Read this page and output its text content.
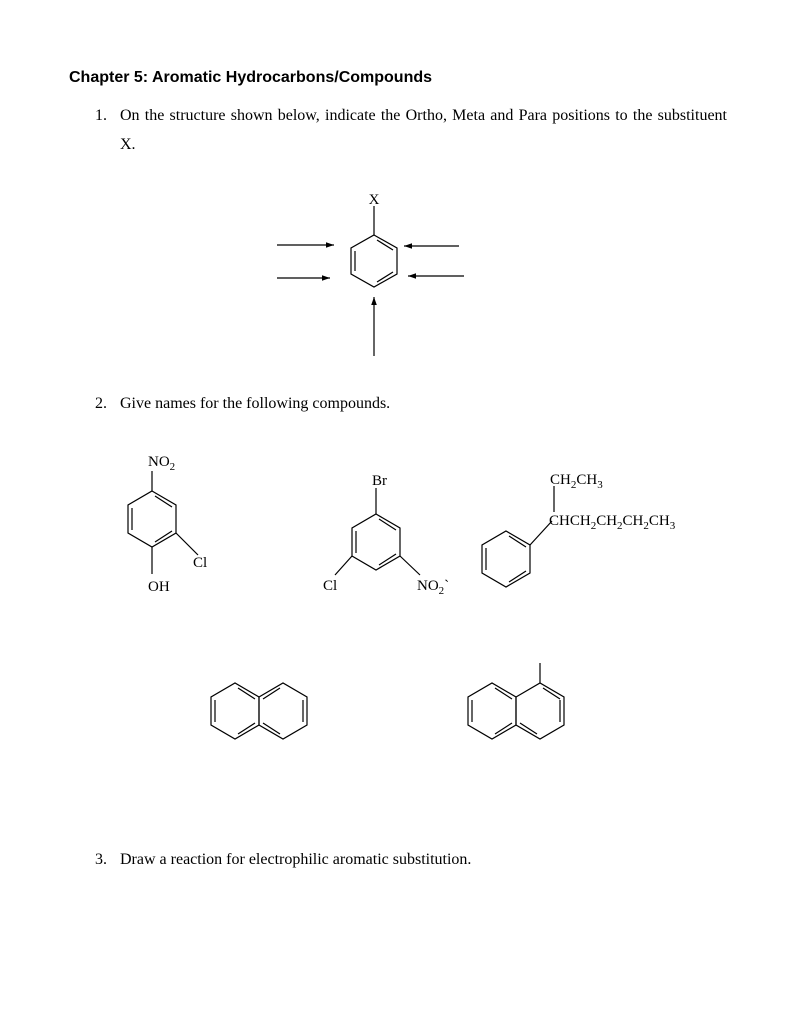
Chapter 5: Aromatic Hydrocarbons/Compounds
1. On the structure shown below, indicate the Ortho, Meta and Para positions to the substituent X.
2. Give names for the following compounds.
3. Draw a reaction for electrophilic aromatic substitution.
X
$NO_2$
Cl
OH
Br
Cl	$NO_2`$
$CH_2CH_3$
$CHCH_2CH_2CH_2CH_3$
